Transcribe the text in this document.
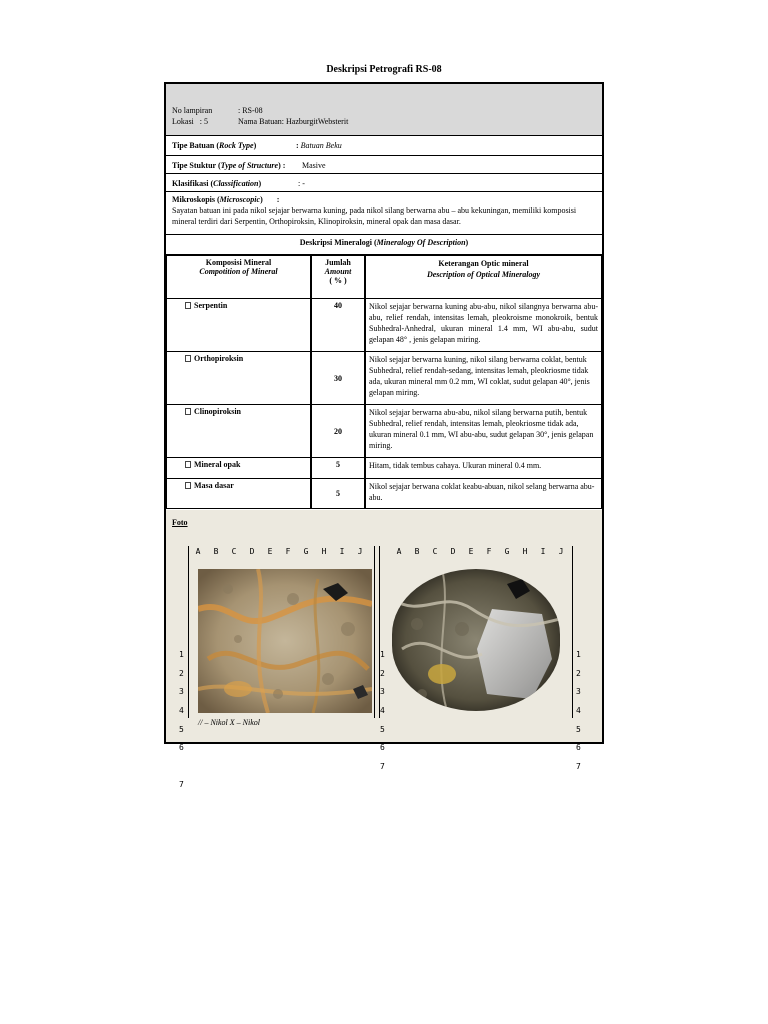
Deskripsi Petrografi RS-08
No lampiran	: RS-08
Lokasi : 5	Nama Batuan: HazburgitWebsterit
Tipe Batuan (Rock Type)	: Batuan Beku
Tipe Stuktur (Type of Structure) : Masive
Klasifikasi (Classification)	: -
Mikroskopis (Microscopic) :
Sayatan batuan ini pada nikol sejajar berwarna kuning, pada nikol silang berwarna abu – abu kekuningan, memiliki komposisi mineral terdiri dari Serpentin, Orthopiroksin, Klinopiroksin, mineral opak dan masa dasar.
Deskripsi Mineralogi (Mineralogy Of Description)
Komposisi Mineral
Compotition of Mineral	Jumlah
Amount
( % )	Keterangan Optic mineral
Description of Optical Mineralogy
Serpentin	40	Nikol sejajar berwarna kuning abu-abu, nikol silangnya berwarna abu-abu, relief rendah, intensitas lemah, pleokroisme monokroik, bentuk Subhedral-Anhedral, ukuran mineral 1.4 mm, WI abu-abu, sudut gelapan 48° , jenis gelapan miring.
Orthopiroksin	30	Nikol sejajar berwarna kuning, nikol silang berwarna coklat, bentuk Subhedral, relief rendah-sedang, intensitas lemah, pleokriosme tidak ada, ukuran mineral mm 0.2 mm, WI coklat, sudut gelapan 40°, jenis gelapan miring.
Clinopiroksin	20	Nikol sejajar berwarna abu-abu, nikol silang berwarna putih, bentuk Subhedral, relief rendah, intensitas lemah, pleokriosme tidak ada, ukuran mineral 0.1 mm, WI abu-abu, sudut gelapan 30°, jenis gelapan miring.
Mineral opak	5	Hitam, tidak tembus cahaya. Ukuran mineral 0.4 mm.
Masa dasar	5	Nikol sejajar berwana coklat keabu-abuan, nikol selang berwarna abu-abu.
Foto
A	B	C	D	E	F	G	H	I	J	A	B	C	D	E	F	G	H	I	J
1
2
3
4
5
6
7
1
2
3
4
5
6
7
1
2
3
4
5
6
7
// – Nikol X – Nikol
